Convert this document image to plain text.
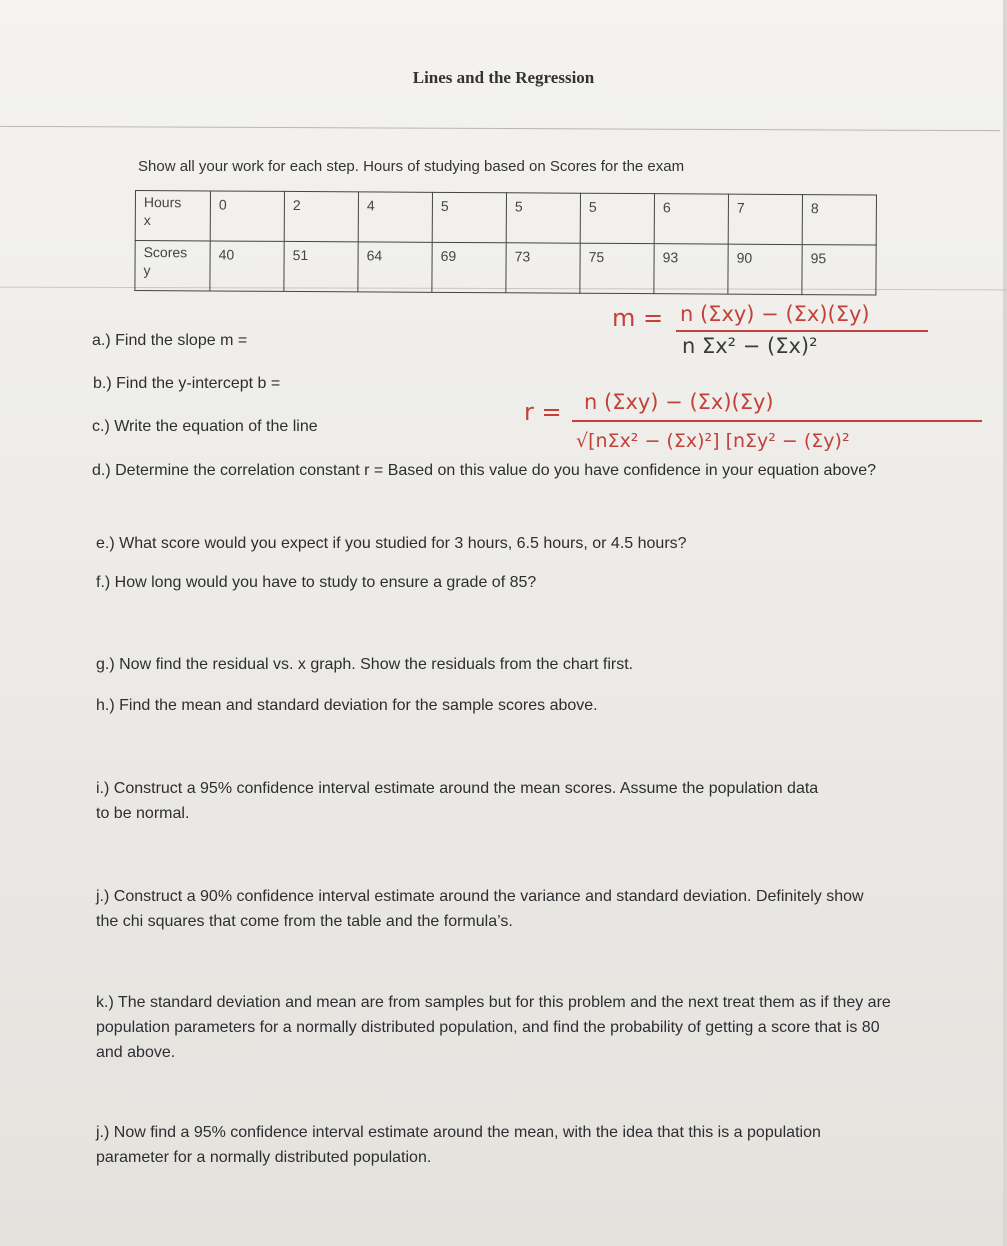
Lines and the Regression
Show all your work for each step. Hours of studying based on Scores for the exam
Hours
x	0	2	4	5	5	5	6	7	8

Scores
y	40	51	64	69	73	75	93	90	95
m = n (Σxy) − (Σx)(Σy)
n Σx² − (Σx)²
r = n (Σxy) − (Σx)(Σy)
√[nΣx² − (Σx)²] [nΣy² − (Σy)²
a.) Find the slope m =
b.) Find the y-intercept b =
c.) Write the equation of the line
d.) Determine the correlation constant r = Based on this value do you have confidence in your equation above?
e.) What score would you expect if you studied for 3 hours, 6.5 hours, or 4.5 hours?
f.) How long would you have to study to ensure a grade of 85?
g.) Now find the residual vs. x graph. Show the residuals from the chart first.
h.) Find the mean and standard deviation for the sample scores above.
i.) Construct a 95% confidence interval estimate around the mean scores. Assume the population data to be normal.
j.) Construct a 90% confidence interval estimate around the variance and standard deviation. Definitely show the chi squares that come from the table and the formula’s.
k.) The standard deviation and mean are from samples but for this problem and the next treat them as if they are population parameters for a normally distributed population, and find the probability of getting a score that is 80 and above.
j.) Now find a 95% confidence interval estimate around the mean, with the idea that this is a population parameter for a normally distributed population.
